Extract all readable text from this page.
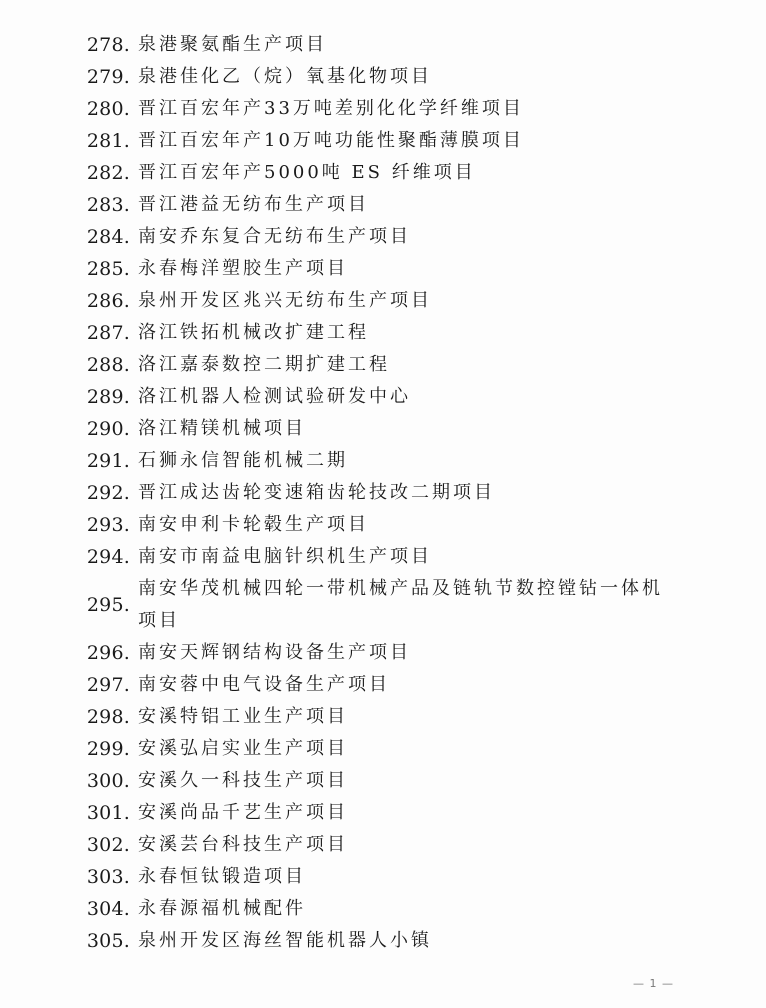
278. 泉港聚氨酯生产项目
279. 泉港佳化乙（烷）氧基化物项目
280. 晋江百宏年产33万吨差别化化学纤维项目
281. 晋江百宏年产10万吨功能性聚酯薄膜项目
282. 晋江百宏年产5000吨 ES 纤维项目
283. 晋江港益无纺布生产项目
284. 南安乔东复合无纺布生产项目
285. 永春梅洋塑胶生产项目
286. 泉州开发区兆兴无纺布生产项目
287. 洛江铁拓机械改扩建工程
288. 洛江嘉泰数控二期扩建工程
289. 洛江机器人检测试验研发中心
290. 洛江精镁机械项目
291. 石狮永信智能机械二期
292. 晋江成达齿轮变速箱齿轮技改二期项目
293. 南安申利卡轮毂生产项目
294. 南安市南益电脑针织机生产项目
295.
南安华茂机械四轮一带机械产品及链轨节数控镗钻一体机项目
296. 南安天辉钢结构设备生产项目
297. 南安蓉中电气设备生产项目
298. 安溪特铝工业生产项目
299. 安溪弘启实业生产项目
300. 安溪久一科技生产项目
301. 安溪尚品千艺生产项目
302. 安溪芸台科技生产项目
303. 永春恒钛锻造项目
304. 永春源福机械配件
305. 泉州开发区海丝智能机器人小镇
— 1 —
